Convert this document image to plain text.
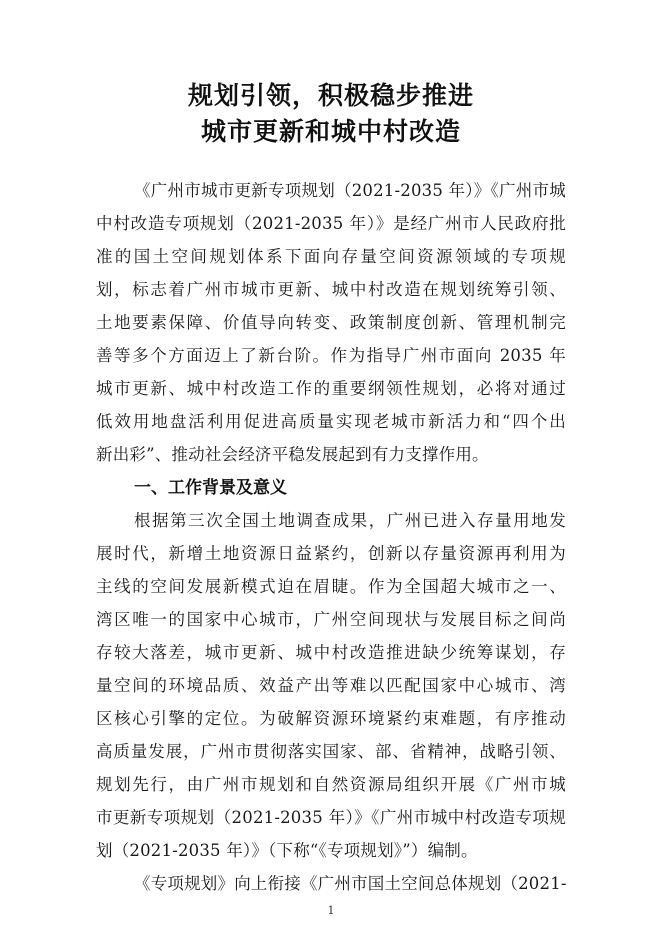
规划引领，积极稳步推进
城市更新和城中村改造
《广州市城市更新专项规划（2021-2035 年）》《广州市城
中村改造专项规划（2021-2035 年）》是经广州市人民政府批
准的国土空间规划体系下面向存量空间资源领域的专项规
划，标志着广州市城市更新、城中村改造在规划统筹引领、
土地要素保障、价值导向转变、政策制度创新、管理机制完
善等多个方面迈上了新台阶。作为指导广州市面向 2035 年
城市更新、城中村改造工作的重要纲领性规划，必将对通过
低效用地盘活利用促进高质量实现老城市新活力和“四个出
新出彩”、推动社会经济平稳发展起到有力支撑作用。
一、工作背景及意义
根据第三次全国土地调查成果，广州已进入存量用地发
展时代，新增土地资源日益紧约，创新以存量资源再利用为
主线的空间发展新模式迫在眉睫。作为全国超大城市之一、
湾区唯一的国家中心城市，广州空间现状与发展目标之间尚
存较大落差，城市更新、城中村改造推进缺少统筹谋划，存
量空间的环境品质、效益产出等难以匹配国家中心城市、湾
区核心引擎的定位。为破解资源环境紧约束难题，有序推动
高质量发展，广州市贯彻落实国家、部、省精神，战略引领、
规划先行，由广州市规划和自然资源局组织开展《广州市城
市更新专项规划（2021-2035 年）》《广州市城中村改造专项规
划（2021-2035 年）》（下称“《专项规划》”）编制。
《专项规划》向上衔接《广州市国土空间总体规划（2021-
1
